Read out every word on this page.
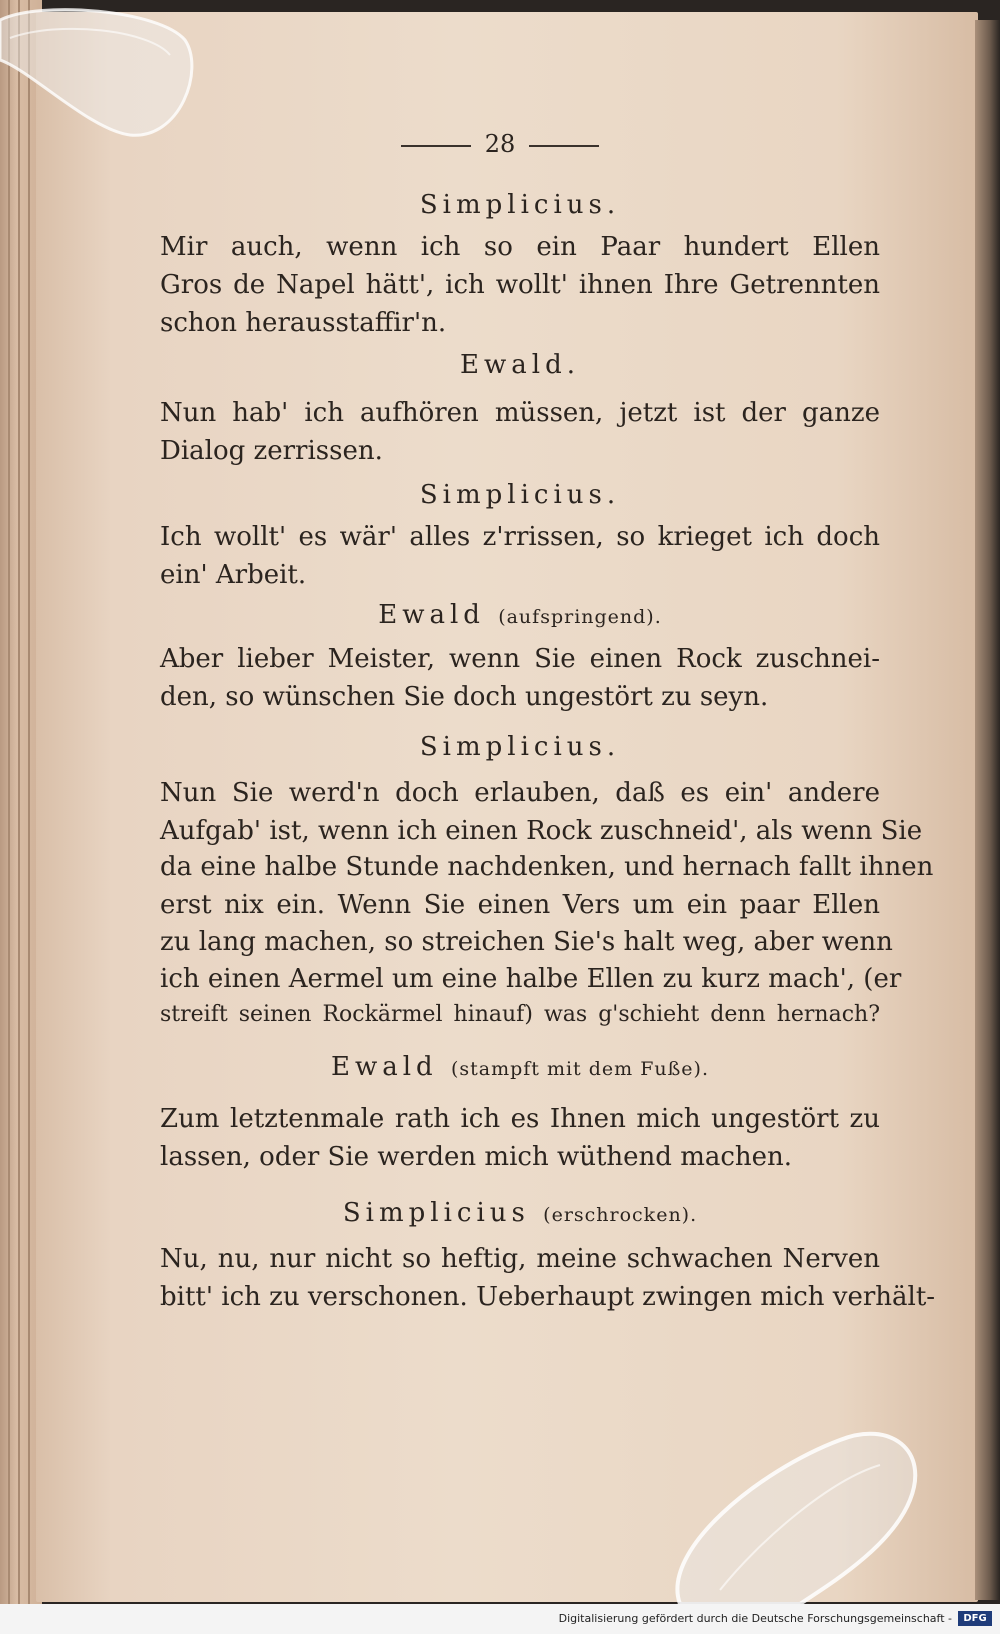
28
Simplicius.
Mir auch, wenn ich so ein Paar hundert Ellen
Gros de Napel hätt', ich wollt' ihnen Ihre Getrennten
schon herausstaffir'n.
Ewald.
Nun hab' ich aufhören müssen, jetzt ist der ganze
Dialog zerrissen.
Simplicius.
Ich wollt' es wär' alles z'rrissen, so krieget ich doch
ein' Arbeit.
Ewald (aufspringend).
Aber lieber Meister, wenn Sie einen Rock zuschnei-
den, so wünschen Sie doch ungestört zu seyn.
Simplicius.
Nun Sie werd'n doch erlauben, daß es ein' andere
Aufgab' ist, wenn ich einen Rock zuschneid', als wenn Sie
da eine halbe Stunde nachdenken, und hernach fallt ihnen
erst nix ein. Wenn Sie einen Vers um ein paar Ellen
zu lang machen, so streichen Sie's halt weg, aber wenn
ich einen Aermel um eine halbe Ellen zu kurz mach', (er
streift seinen Rockärmel hinauf) was g'schieht denn hernach?
Ewald (stampft mit dem Fuße).
Zum letztenmale rath ich es Ihnen mich ungestört zu
lassen, oder Sie werden mich wüthend machen.
Simplicius (erschrocken).
Nu, nu, nur nicht so heftig, meine schwachen Nerven
bitt' ich zu verschonen. Ueberhaupt zwingen mich verhält-
Digitalisierung gefördert durch die Deutsche Forschungsgemeinschaft -	DFG
